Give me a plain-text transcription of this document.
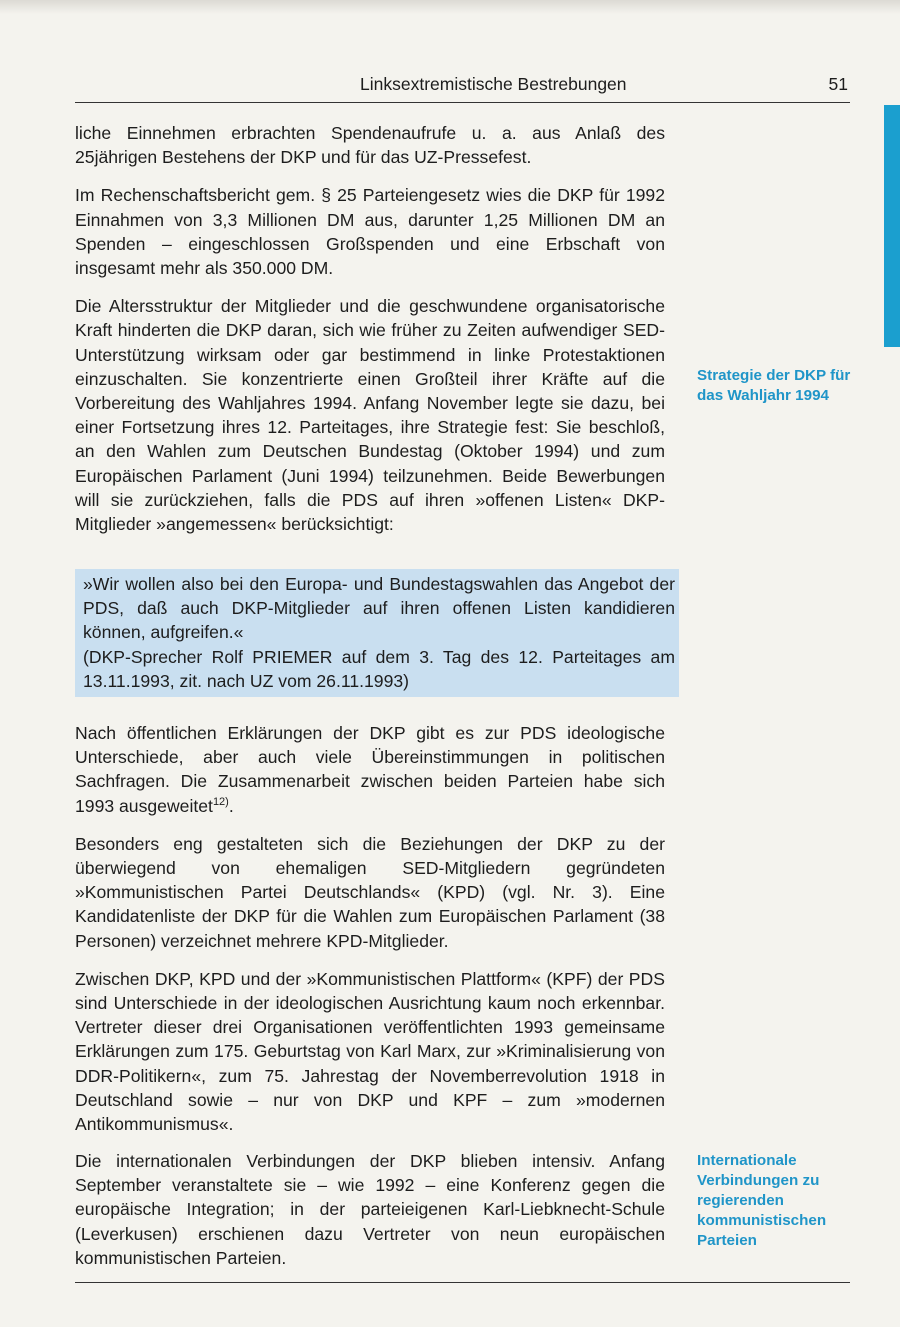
Linksextremistische Bestrebungen	51

liche Einnehmen erbrachten Spendenaufrufe u. a. aus Anlaß des 25jährigen Bestehens der DKP und für das UZ-Pressefest.

Im Rechenschaftsbericht gem. § 25 Parteiengesetz wies die DKP für 1992 Einnahmen von 3,3 Millionen DM aus, darunter 1,25 Millionen DM an Spenden – eingeschlossen Großspenden und eine Erbschaft von insgesamt mehr als 350.000 DM.

Die Altersstruktur der Mitglieder und die geschwundene organisatorische Kraft hinderten die DKP daran, sich wie früher zu Zeiten aufwendiger SED-Unterstützung wirksam oder gar bestimmend in linke Protestaktionen einzuschalten. Sie konzentrierte einen Großteil ihrer Kräfte auf die Vorbereitung des Wahljahres 1994. Anfang November legte sie dazu, bei einer Fortsetzung ihres 12. Parteitages, ihre Strategie fest: Sie beschloß, an den Wahlen zum Deutschen Bundestag (Oktober 1994) und zum Europäischen Parlament (Juni 1994) teilzunehmen. Beide Bewerbungen will sie zurückziehen, falls die PDS auf ihren »offenen Listen« DKP-Mitglieder »angemessen« berücksichtigt:

Strategie der DKP für das Wahljahr 1994

»Wir wollen also bei den Europa- und Bundestagswahlen das Angebot der PDS, daß auch DKP-Mitglieder auf ihren offenen Listen kandidieren können, aufgreifen.«

(DKP-Sprecher Rolf PRIEMER auf dem 3. Tag des 12. Parteitages am 13.11.1993, zit. nach UZ vom 26.11.1993)

Nach öffentlichen Erklärungen der DKP gibt es zur PDS ideologische Unterschiede, aber auch viele Übereinstimmungen in politischen Sachfragen. Die Zusammenarbeit zwischen beiden Parteien habe sich 1993 ausgeweitet$^{12)}$.

Besonders eng gestalteten sich die Beziehungen der DKP zu der überwiegend von ehemaligen SED-Mitgliedern gegründeten »Kommunistischen Partei Deutschlands« (KPD) (vgl. Nr. 3). Eine Kandidatenliste der DKP für die Wahlen zum Europäischen Parlament (38 Personen) verzeichnet mehrere KPD-Mitglieder.

Zwischen DKP, KPD und der »Kommunistischen Plattform« (KPF) der PDS sind Unterschiede in der ideologischen Ausrichtung kaum noch erkennbar. Vertreter dieser drei Organisationen veröffentlichten 1993 gemeinsame Erklärungen zum 175. Geburtstag von Karl Marx, zur »Kriminalisierung von DDR-Politikern«, zum 75. Jahrestag der Novemberrevolution 1918 in Deutschland sowie – nur von DKP und KPF – zum »modernen Antikommunismus«.

Die internationalen Verbindungen der DKP blieben intensiv. Anfang September veranstaltete sie – wie 1992 – eine Konferenz gegen die europäische Integration; in der parteieigenen Karl-Liebknecht-Schule (Leverkusen) erschienen dazu Vertreter von neun europäischen kommunistischen Parteien.

Internationale Verbindungen zu regierenden kommunistischen Parteien
